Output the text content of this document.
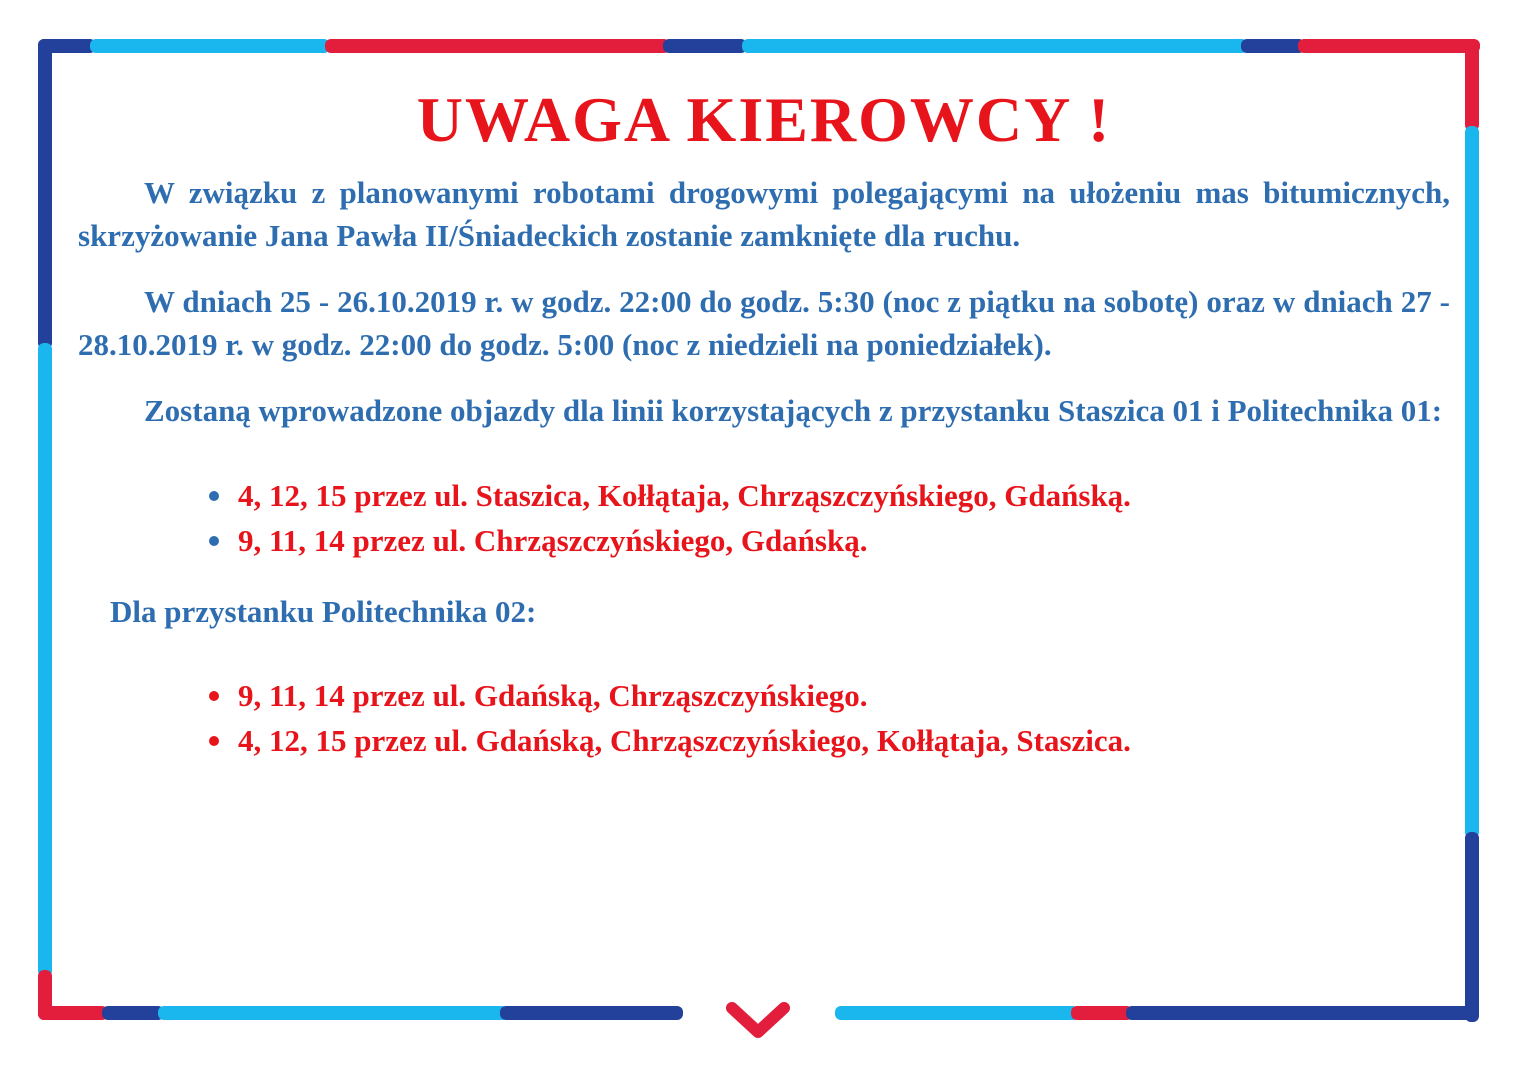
UWAGA KIEROWCY !

W związku z planowanymi robotami drogowymi polegającymi na ułożeniu mas bitumicznych, skrzyżowanie Jana Pawła II/Śniadeckich zostanie zamknięte dla ruchu.

W dniach 25 - 26.10.2019 r. w godz. 22:00 do godz. 5:30 (noc z piątku na sobotę) oraz w dniach 27 - 28.10.2019 r. w godz. 22:00 do godz. 5:00 (noc z niedzieli na poniedziałek).

Zostaną wprowadzone objazdy dla linii korzystających z przystanku Staszica 01 i Politechnika 01:

4, 12, 15 przez ul. Staszica, Kołłątaja, Chrząszczyńskiego, Gdańską.
9, 11, 14 przez ul. Chrząszczyńskiego, Gdańską.
Dla przystanku Politechnika 02:
9, 11, 14 przez ul. Gdańską, Chrząszczyńskiego.
4, 12, 15 przez ul. Gdańską, Chrząszczyńskiego, Kołłątaja, Staszica.
